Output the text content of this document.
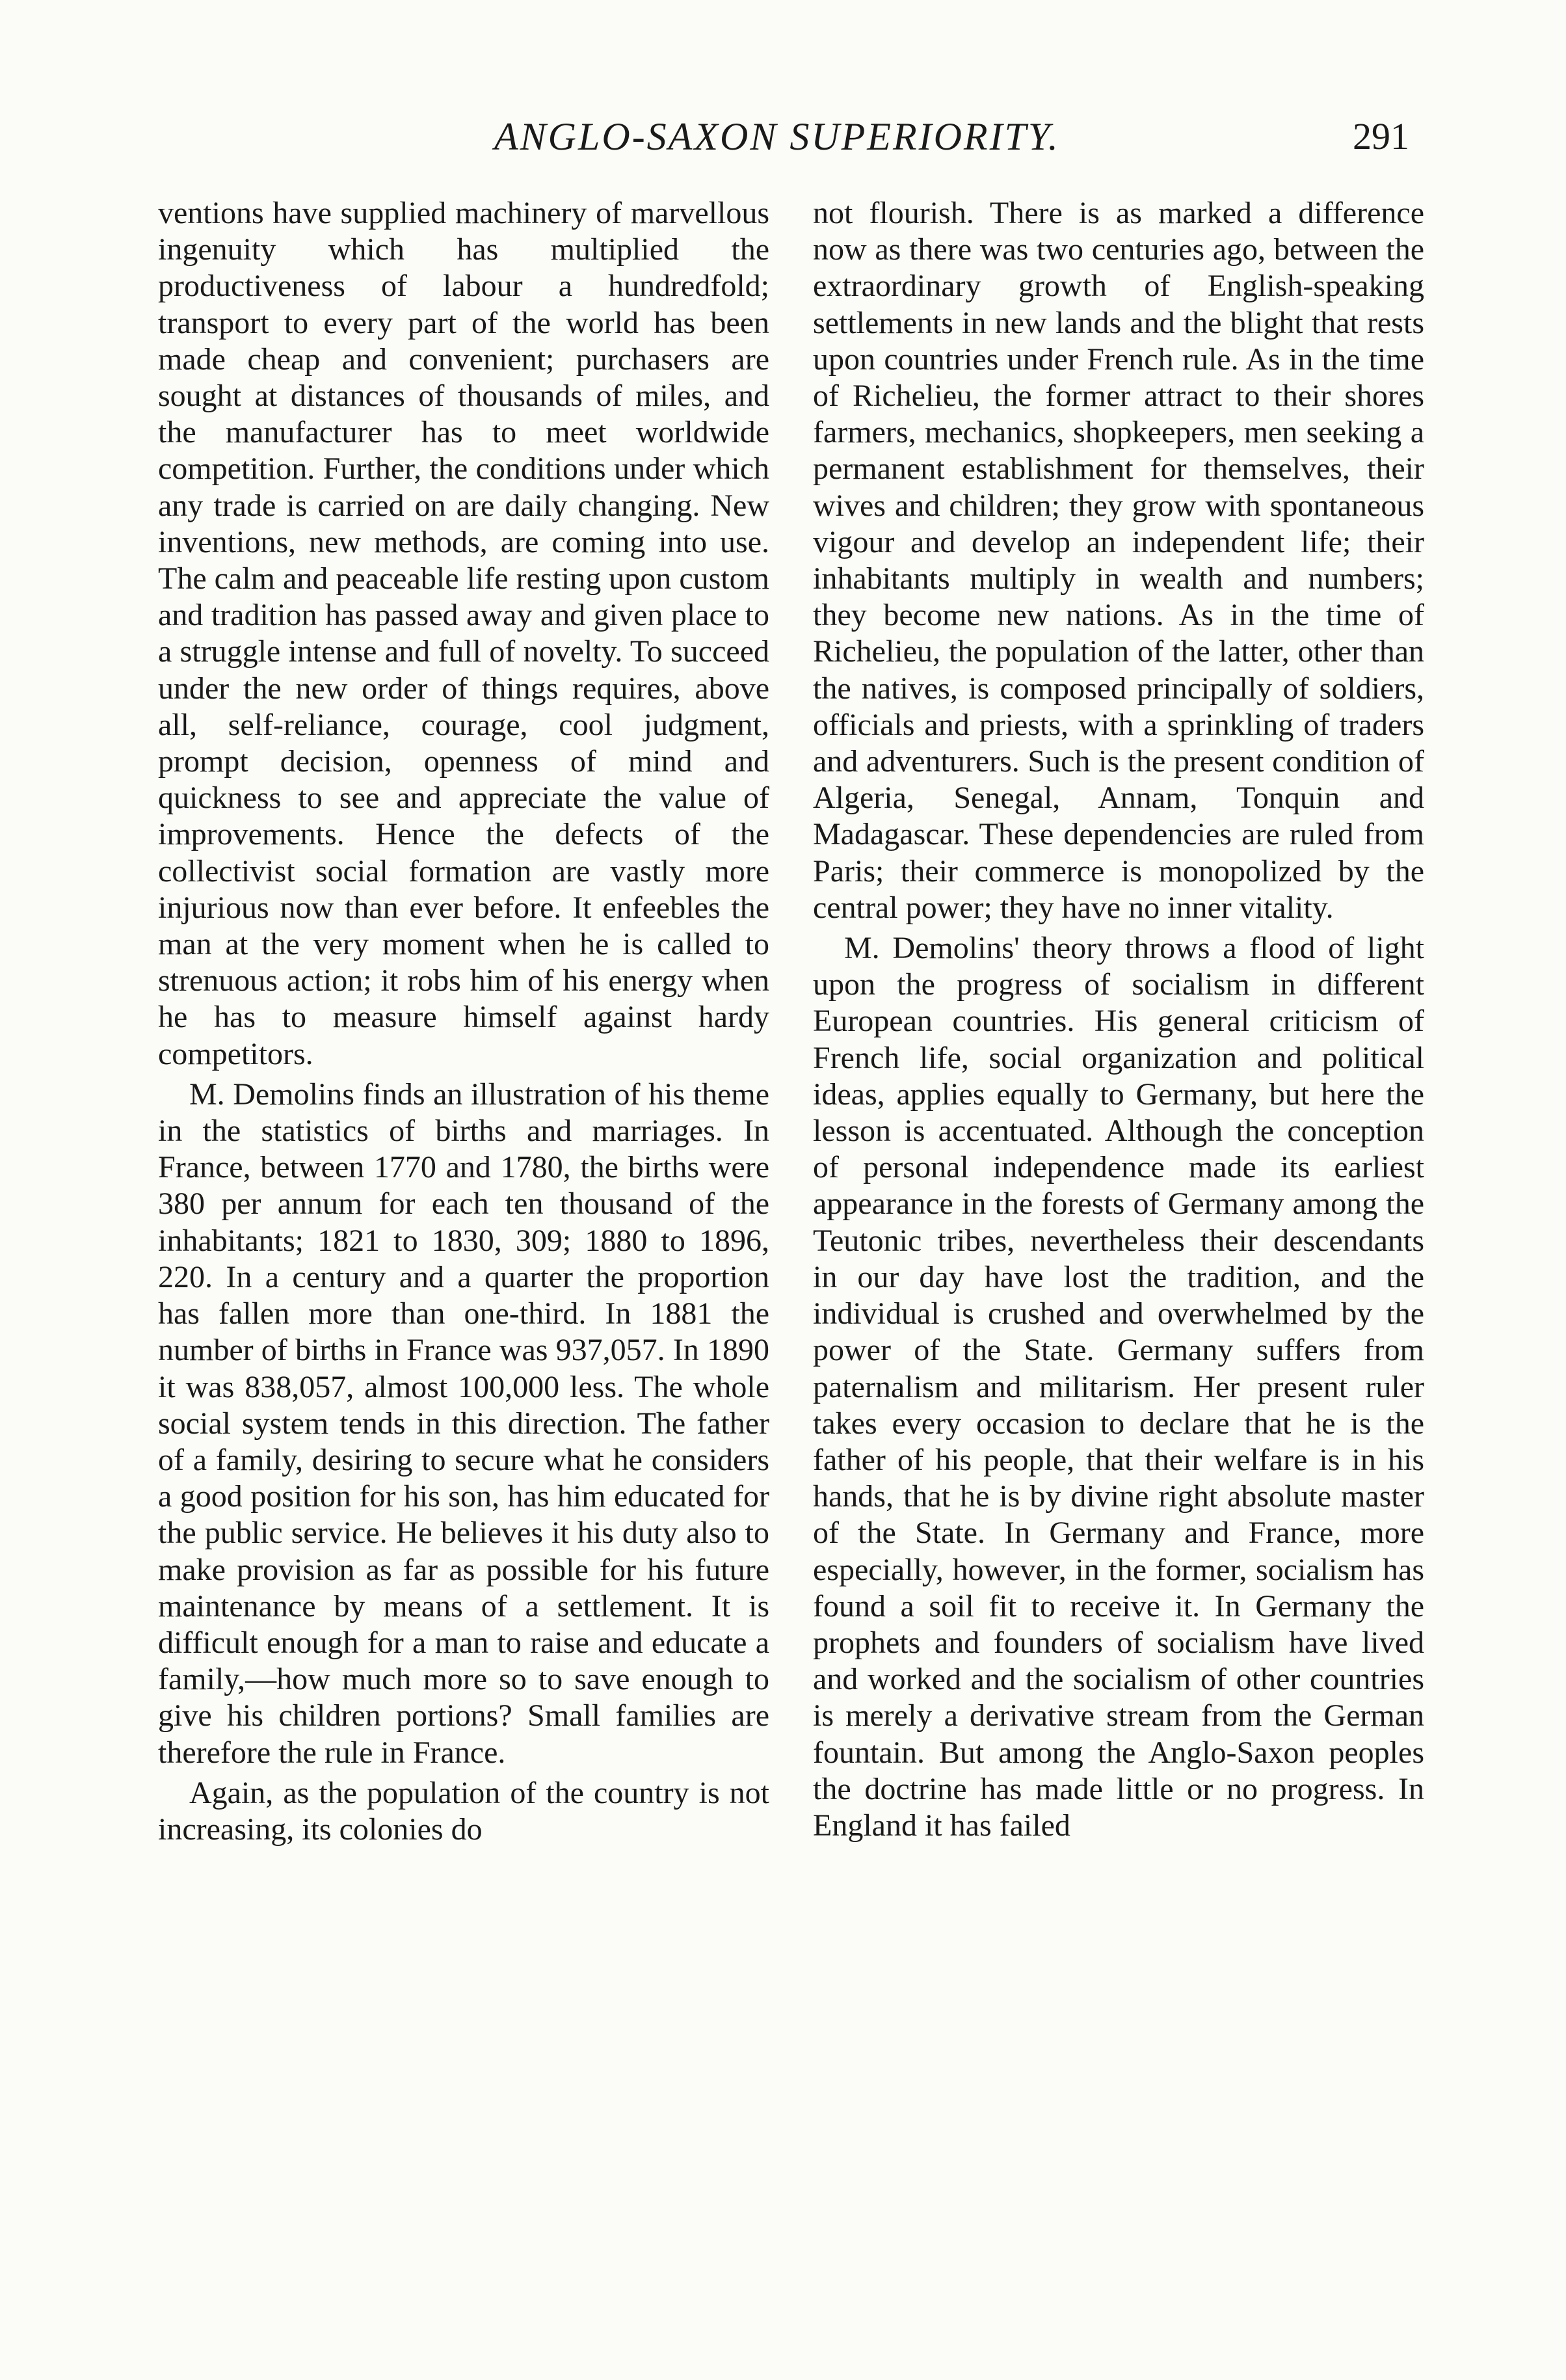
ANGLO-SAXON SUPERIORITY.	291

ventions have supplied machinery of marvellous ingenuity which has multiplied the productiveness of labour a hundredfold; transport to every part of the world has been made cheap and convenient; purchasers are sought at distances of thousands of miles, and the manufacturer has to meet worldwide competition. Further, the conditions under which any trade is carried on are daily changing. New inventions, new methods, are coming into use. The calm and peaceable life resting upon custom and tradition has passed away and given place to a struggle intense and full of novelty. To succeed under the new order of things requires, above all, self-reliance, courage, cool judgment, prompt decision, openness of mind and quickness to see and appreciate the value of improvements. Hence the defects of the collectivist social formation are vastly more injurious now than ever before. It enfeebles the man at the very moment when he is called to strenuous action; it robs him of his energy when he has to measure himself against hardy competitors.

M. Demolins finds an illustration of his theme in the statistics of births and marriages. In France, between 1770 and 1780, the births were 380 per annum for each ten thousand of the inhabitants; 1821 to 1830, 309; 1880 to 1896, 220. In a century and a quarter the proportion has fallen more than one-third. In 1881 the number of births in France was 937,057. In 1890 it was 838,057, almost 100,000 less. The whole social system tends in this direction. The father of a family, desiring to secure what he considers a good position for his son, has him educated for the public service. He believes it his duty also to make provision as far as possible for his future maintenance by means of a settlement. It is difficult enough for a man to raise and educate a family,—how much more so to save enough to give his children portions? Small families are therefore the rule in France.

Again, as the population of the country is not increasing, its colonies do

not flourish. There is as marked a difference now as there was two centuries ago, between the extraordinary growth of English-speaking settlements in new lands and the blight that rests upon countries under French rule. As in the time of Richelieu, the former attract to their shores farmers, mechanics, shopkeepers, men seeking a permanent establishment for themselves, their wives and children; they grow with spontaneous vigour and develop an independent life; their inhabitants multiply in wealth and numbers; they become new nations. As in the time of Richelieu, the population of the latter, other than the natives, is composed principally of soldiers, officials and priests, with a sprinkling of traders and adventurers. Such is the present condition of Algeria, Senegal, Annam, Tonquin and Madagascar. These dependencies are ruled from Paris; their commerce is monopolized by the central power; they have no inner vitality.

M. Demolins' theory throws a flood of light upon the progress of socialism in different European countries. His general criticism of French life, social organization and political ideas, applies equally to Germany, but here the lesson is accentuated. Although the conception of personal independence made its earliest appearance in the forests of Germany among the Teutonic tribes, nevertheless their descendants in our day have lost the tradition, and the individual is crushed and overwhelmed by the power of the State. Germany suffers from paternalism and militarism. Her present ruler takes every occasion to declare that he is the father of his people, that their welfare is in his hands, that he is by divine right absolute master of the State. In Germany and France, more especially, however, in the former, socialism has found a soil fit to receive it. In Germany the prophets and founders of socialism have lived and worked and the socialism of other countries is merely a derivative stream from the German fountain. But among the Anglo-Saxon peoples the doctrine has made little or no progress. In England it has failed
